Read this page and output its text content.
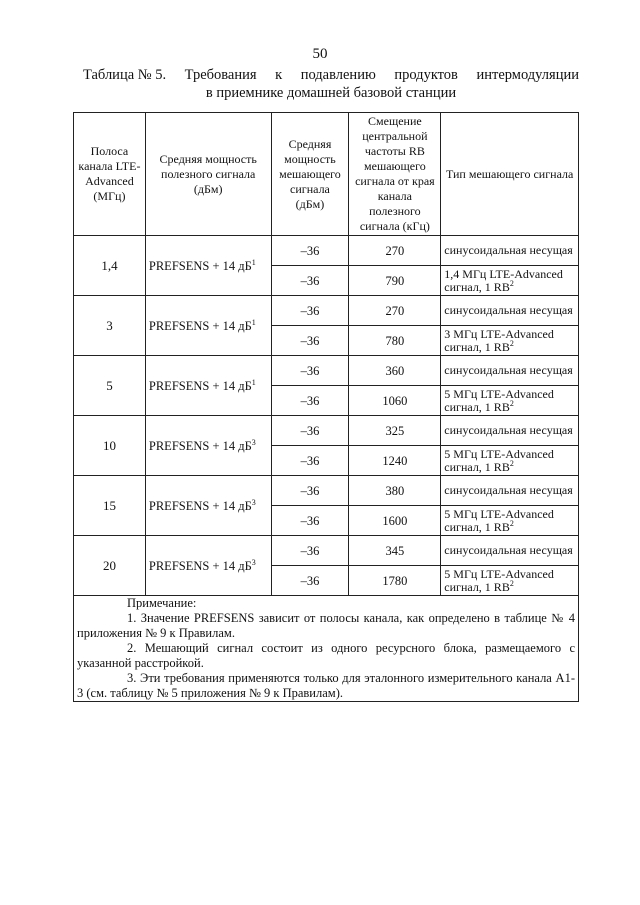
50
Таблица № 5. Требования к подавлению продуктов интермодуляции
в приемнике домашней базовой станции
Полоса канала LTE-Advanced (МГц)	Средняя мощность полезного сигнала (дБм)	Средняя мощность мешающего сигнала (дБм)	Смещение центральной частоты RB мешающего сигнала от края канала полезного сигнала (кГц)	Тип мешающего сигнала
1,4	PREFSENS + 14 $дБ^1$	–36	270	синусоидальная несущая
		–36	790	1,4 МГц LTE-Advanced сигнал, 1 $RB^2$
3	PREFSENS + 14 $дБ^1$	–36	270	синусоидальная несущая
		–36	780	3 МГц LTE-Advanced сигнал, 1 $RB^2$
5	PREFSENS + 14 $дБ^1$	–36	360	синусоидальная несущая
		–36	1060	5 МГц LTE-Advanced сигнал, 1 $RB^2$
10	PREFSENS + 14 $дБ^3$	–36	325	синусоидальная несущая
		–36	1240	5 МГц LTE-Advanced сигнал, 1 $RB^2$
15	PREFSENS + 14 $дБ^3$	–36	380	синусоидальная несущая
		–36	1600	5 МГц LTE-Advanced сигнал, 1 $RB^2$
20	PREFSENS + 14 $дБ^3$	–36	345	синусоидальная несущая
		–36	1780	5 МГц LTE-Advanced сигнал, 1 $RB^2$

Примечание:
1. Значение PREFSENS зависит от полосы канала, как определено в таблице № 4 приложения № 9 к Правилам.
2. Мешающий сигнал состоит из одного ресурсного блока, размещаемого с указанной расстройкой.
3. Эти требования применяются только для эталонного измерительного канала А1-3 (см. таблицу № 5 приложения № 9 к Правилам).				
